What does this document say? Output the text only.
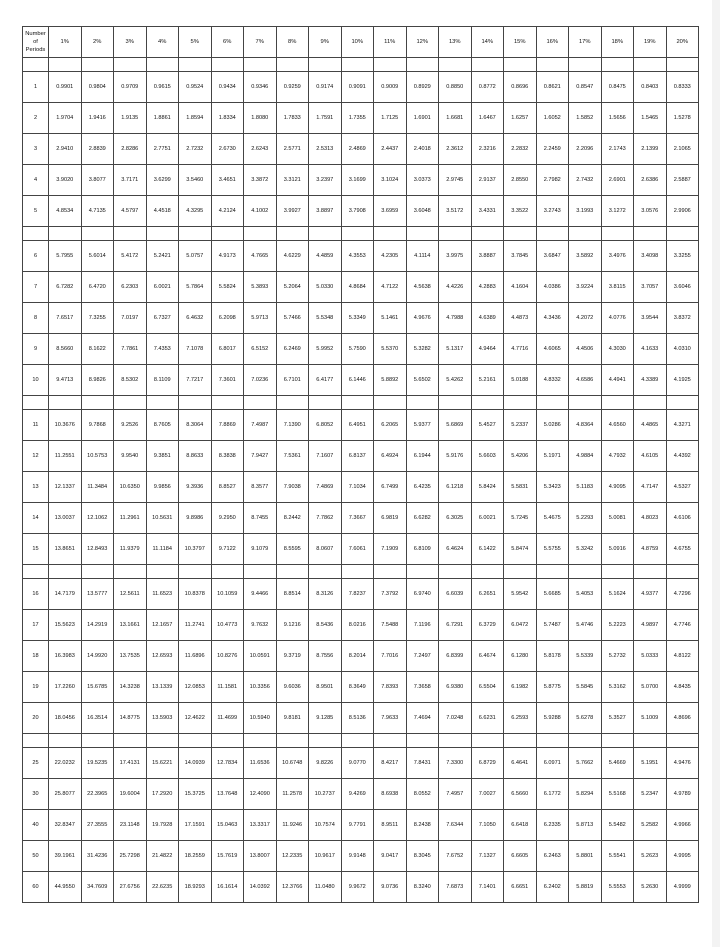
Number
of
Periods	1%	2%	3%	4%	5%	6%	7%	8%	9%	10%	11%	12%	13%	14%	15%	16%	17%	18%	19%	20%

1	0.9901	0.9804	0.9709	0.9615	0.9524	0.9434	0.9346	0.9259	0.9174	0.9091	0.9009	0.8929	0.8850	0.8772	0.8696	0.8621	0.8547	0.8475	0.8403	0.8333
2	1.9704	1.9416	1.9135	1.8861	1.8594	1.8334	1.8080	1.7833	1.7591	1.7355	1.7125	1.6901	1.6681	1.6467	1.6257	1.6052	1.5852	1.5656	1.5465	1.5278
3	2.9410	2.8839	2.8286	2.7751	2.7232	2.6730	2.6243	2.5771	2.5313	2.4869	2.4437	2.4018	2.3612	2.3216	2.2832	2.2459	2.2096	2.1743	2.1399	2.1065
4	3.9020	3.8077	3.7171	3.6299	3.5460	3.4651	3.3872	3.3121	3.2397	3.1699	3.1024	3.0373	2.9745	2.9137	2.8550	2.7982	2.7432	2.6901	2.6386	2.5887
5	4.8534	4.7135	4.5797	4.4518	4.3295	4.2124	4.1002	3.9927	3.8897	3.7908	3.6959	3.6048	3.5172	3.4331	3.3522	3.2743	3.1993	3.1272	3.0576	2.9906

6	5.7955	5.6014	5.4172	5.2421	5.0757	4.9173	4.7665	4.6229	4.4859	4.3553	4.2305	4.1114	3.9975	3.8887	3.7845	3.6847	3.5892	3.4976	3.4098	3.3255
7	6.7282	6.4720	6.2303	6.0021	5.7864	5.5824	5.3893	5.2064	5.0330	4.8684	4.7122	4.5638	4.4226	4.2883	4.1604	4.0386	3.9224	3.8115	3.7057	3.6046
8	7.6517	7.3255	7.0197	6.7327	6.4632	6.2098	5.9713	5.7466	5.5348	5.3349	5.1461	4.9676	4.7988	4.6389	4.4873	4.3436	4.2072	4.0776	3.9544	3.8372
9	8.5660	8.1622	7.7861	7.4353	7.1078	6.8017	6.5152	6.2469	5.9952	5.7590	5.5370	5.3282	5.1317	4.9464	4.7716	4.6065	4.4506	4.3030	4.1633	4.0310
10	9.4713	8.9826	8.5302	8.1109	7.7217	7.3601	7.0236	6.7101	6.4177	6.1446	5.8892	5.6502	5.4262	5.2161	5.0188	4.8332	4.6586	4.4941	4.3389	4.1925

11	10.3676	9.7868	9.2526	8.7605	8.3064	7.8869	7.4987	7.1390	6.8052	6.4951	6.2065	5.9377	5.6869	5.4527	5.2337	5.0286	4.8364	4.6560	4.4865	4.3271
12	11.2551	10.5753	9.9540	9.3851	8.8633	8.3838	7.9427	7.5361	7.1607	6.8137	6.4924	6.1944	5.9176	5.6603	5.4206	5.1971	4.9884	4.7932	4.6105	4.4392
13	12.1337	11.3484	10.6350	9.9856	9.3936	8.8527	8.3577	7.9038	7.4869	7.1034	6.7499	6.4235	6.1218	5.8424	5.5831	5.3423	5.1183	4.9095	4.7147	4.5327
14	13.0037	12.1062	11.2961	10.5631	9.8986	9.2950	8.7455	8.2442	7.7862	7.3667	6.9819	6.6282	6.3025	6.0021	5.7245	5.4675	5.2293	5.0081	4.8023	4.6106
15	13.8651	12.8493	11.9379	11.1184	10.3797	9.7122	9.1079	8.5595	8.0607	7.6061	7.1909	6.8109	6.4624	6.1422	5.8474	5.5755	5.3242	5.0916	4.8759	4.6755

16	14.7179	13.5777	12.5611	11.6523	10.8378	10.1059	9.4466	8.8514	8.3126	7.8237	7.3792	6.9740	6.6039	6.2651	5.9542	5.6685	5.4053	5.1624	4.9377	4.7296
17	15.5623	14.2919	13.1661	12.1657	11.2741	10.4773	9.7632	9.1216	8.5436	8.0216	7.5488	7.1196	6.7291	6.3729	6.0472	5.7487	5.4746	5.2223	4.9897	4.7746
18	16.3983	14.9920	13.7535	12.6593	11.6896	10.8276	10.0591	9.3719	8.7556	8.2014	7.7016	7.2497	6.8399	6.4674	6.1280	5.8178	5.5339	5.2732	5.0333	4.8122
19	17.2260	15.6785	14.3238	13.1339	12.0853	11.1581	10.3356	9.6036	8.9501	8.3649	7.8393	7.3658	6.9380	6.5504	6.1982	5.8775	5.5845	5.3162	5.0700	4.8435
20	18.0456	16.3514	14.8775	13.5903	12.4622	11.4699	10.5940	9.8181	9.1285	8.5136	7.9633	7.4694	7.0248	6.6231	6.2593	5.9288	5.6278	5.3527	5.1009	4.8696

25	22.0232	19.5235	17.4131	15.6221	14.0939	12.7834	11.6536	10.6748	9.8226	9.0770	8.4217	7.8431	7.3300	6.8729	6.4641	6.0971	5.7662	5.4669	5.1951	4.9476
30	25.8077	22.3965	19.6004	17.2920	15.3725	13.7648	12.4090	11.2578	10.2737	9.4269	8.6938	8.0552	7.4957	7.0027	6.5660	6.1772	5.8294	5.5168	5.2347	4.9789
40	32.8347	27.3555	23.1148	19.7928	17.1591	15.0463	13.3317	11.9246	10.7574	9.7791	8.9511	8.2438	7.6344	7.1050	6.6418	6.2335	5.8713	5.5482	5.2582	4.9966
50	39.1961	31.4236	25.7298	21.4822	18.2559	15.7619	13.8007	12.2335	10.9617	9.9148	9.0417	8.3045	7.6752	7.1327	6.6605	6.2463	5.8801	5.5541	5.2623	4.9995
60	44.9550	34.7609	27.6756	22.6235	18.9293	16.1614	14.0392	12.3766	11.0480	9.9672	9.0736	8.3240	7.6873	7.1401	6.6651	6.2402	5.8819	5.5553	5.2630	4.9999
